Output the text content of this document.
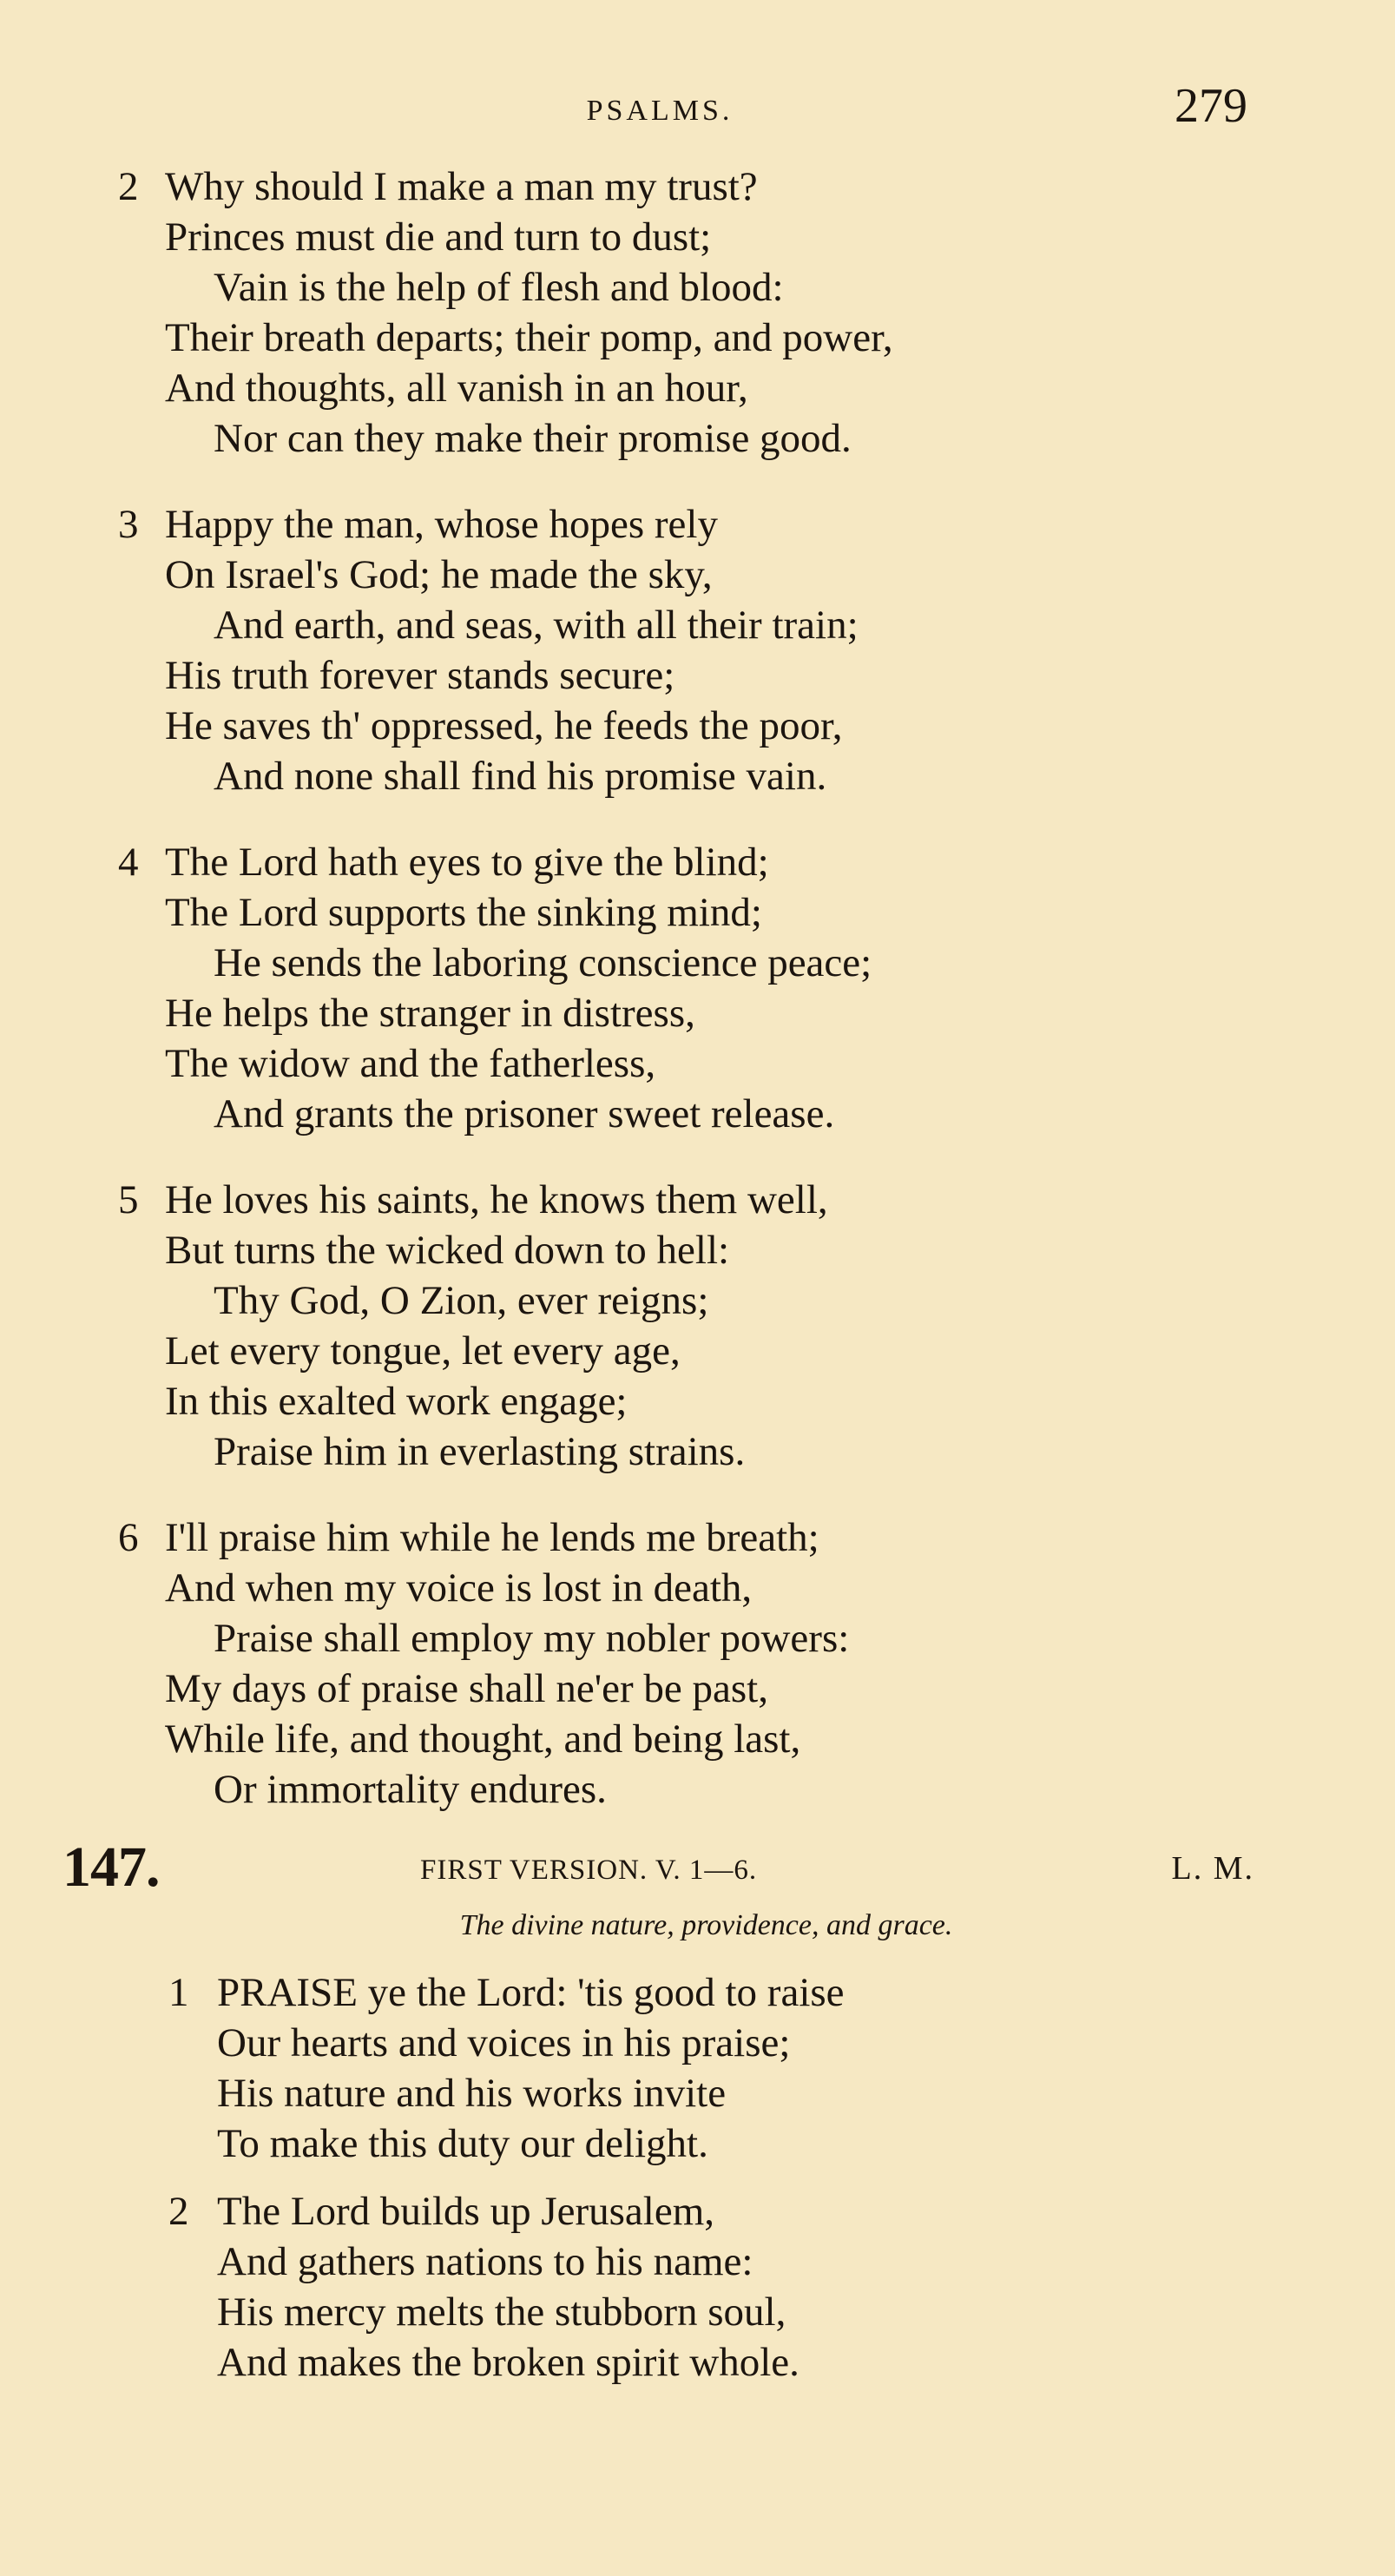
PSALMS.	279
2 Why should I make a man my trust?
Princes must die and turn to dust;
Vain is the help of flesh and blood:
Their breath departs; their pomp, and power,
And thoughts, all vanish in an hour,
Nor can they make their promise good.
3 Happy the man, whose hopes rely
On Israel's God; he made the sky,
And earth, and seas, with all their train;
His truth forever stands secure;
He saves th' oppressed, he feeds the poor,
And none shall find his promise vain.
4 The Lord hath eyes to give the blind;
The Lord supports the sinking mind;
He sends the laboring conscience peace;
He helps the stranger in distress,
The widow and the fatherless,
And grants the prisoner sweet release.
5 He loves his saints, he knows them well,
But turns the wicked down to hell:
Thy God, O Zion, ever reigns;
Let every tongue, let every age,
In this exalted work engage;
Praise him in everlasting strains.
6 I'll praise him while he lends me breath;
And when my voice is lost in death,
Praise shall employ my nobler powers:
My days of praise shall ne'er be past,
While life, and thought, and being last,
Or immortality endures.
147.	FIRST VERSION. V. 1—6.	L. M.
The divine nature, providence, and grace.
1 PRAISE ye the Lord: 'tis good to raise
Our hearts and voices in his praise;
His nature and his works invite
To make this duty our delight.
2 The Lord builds up Jerusalem,
And gathers nations to his name:
His mercy melts the stubborn soul,
And makes the broken spirit whole.
